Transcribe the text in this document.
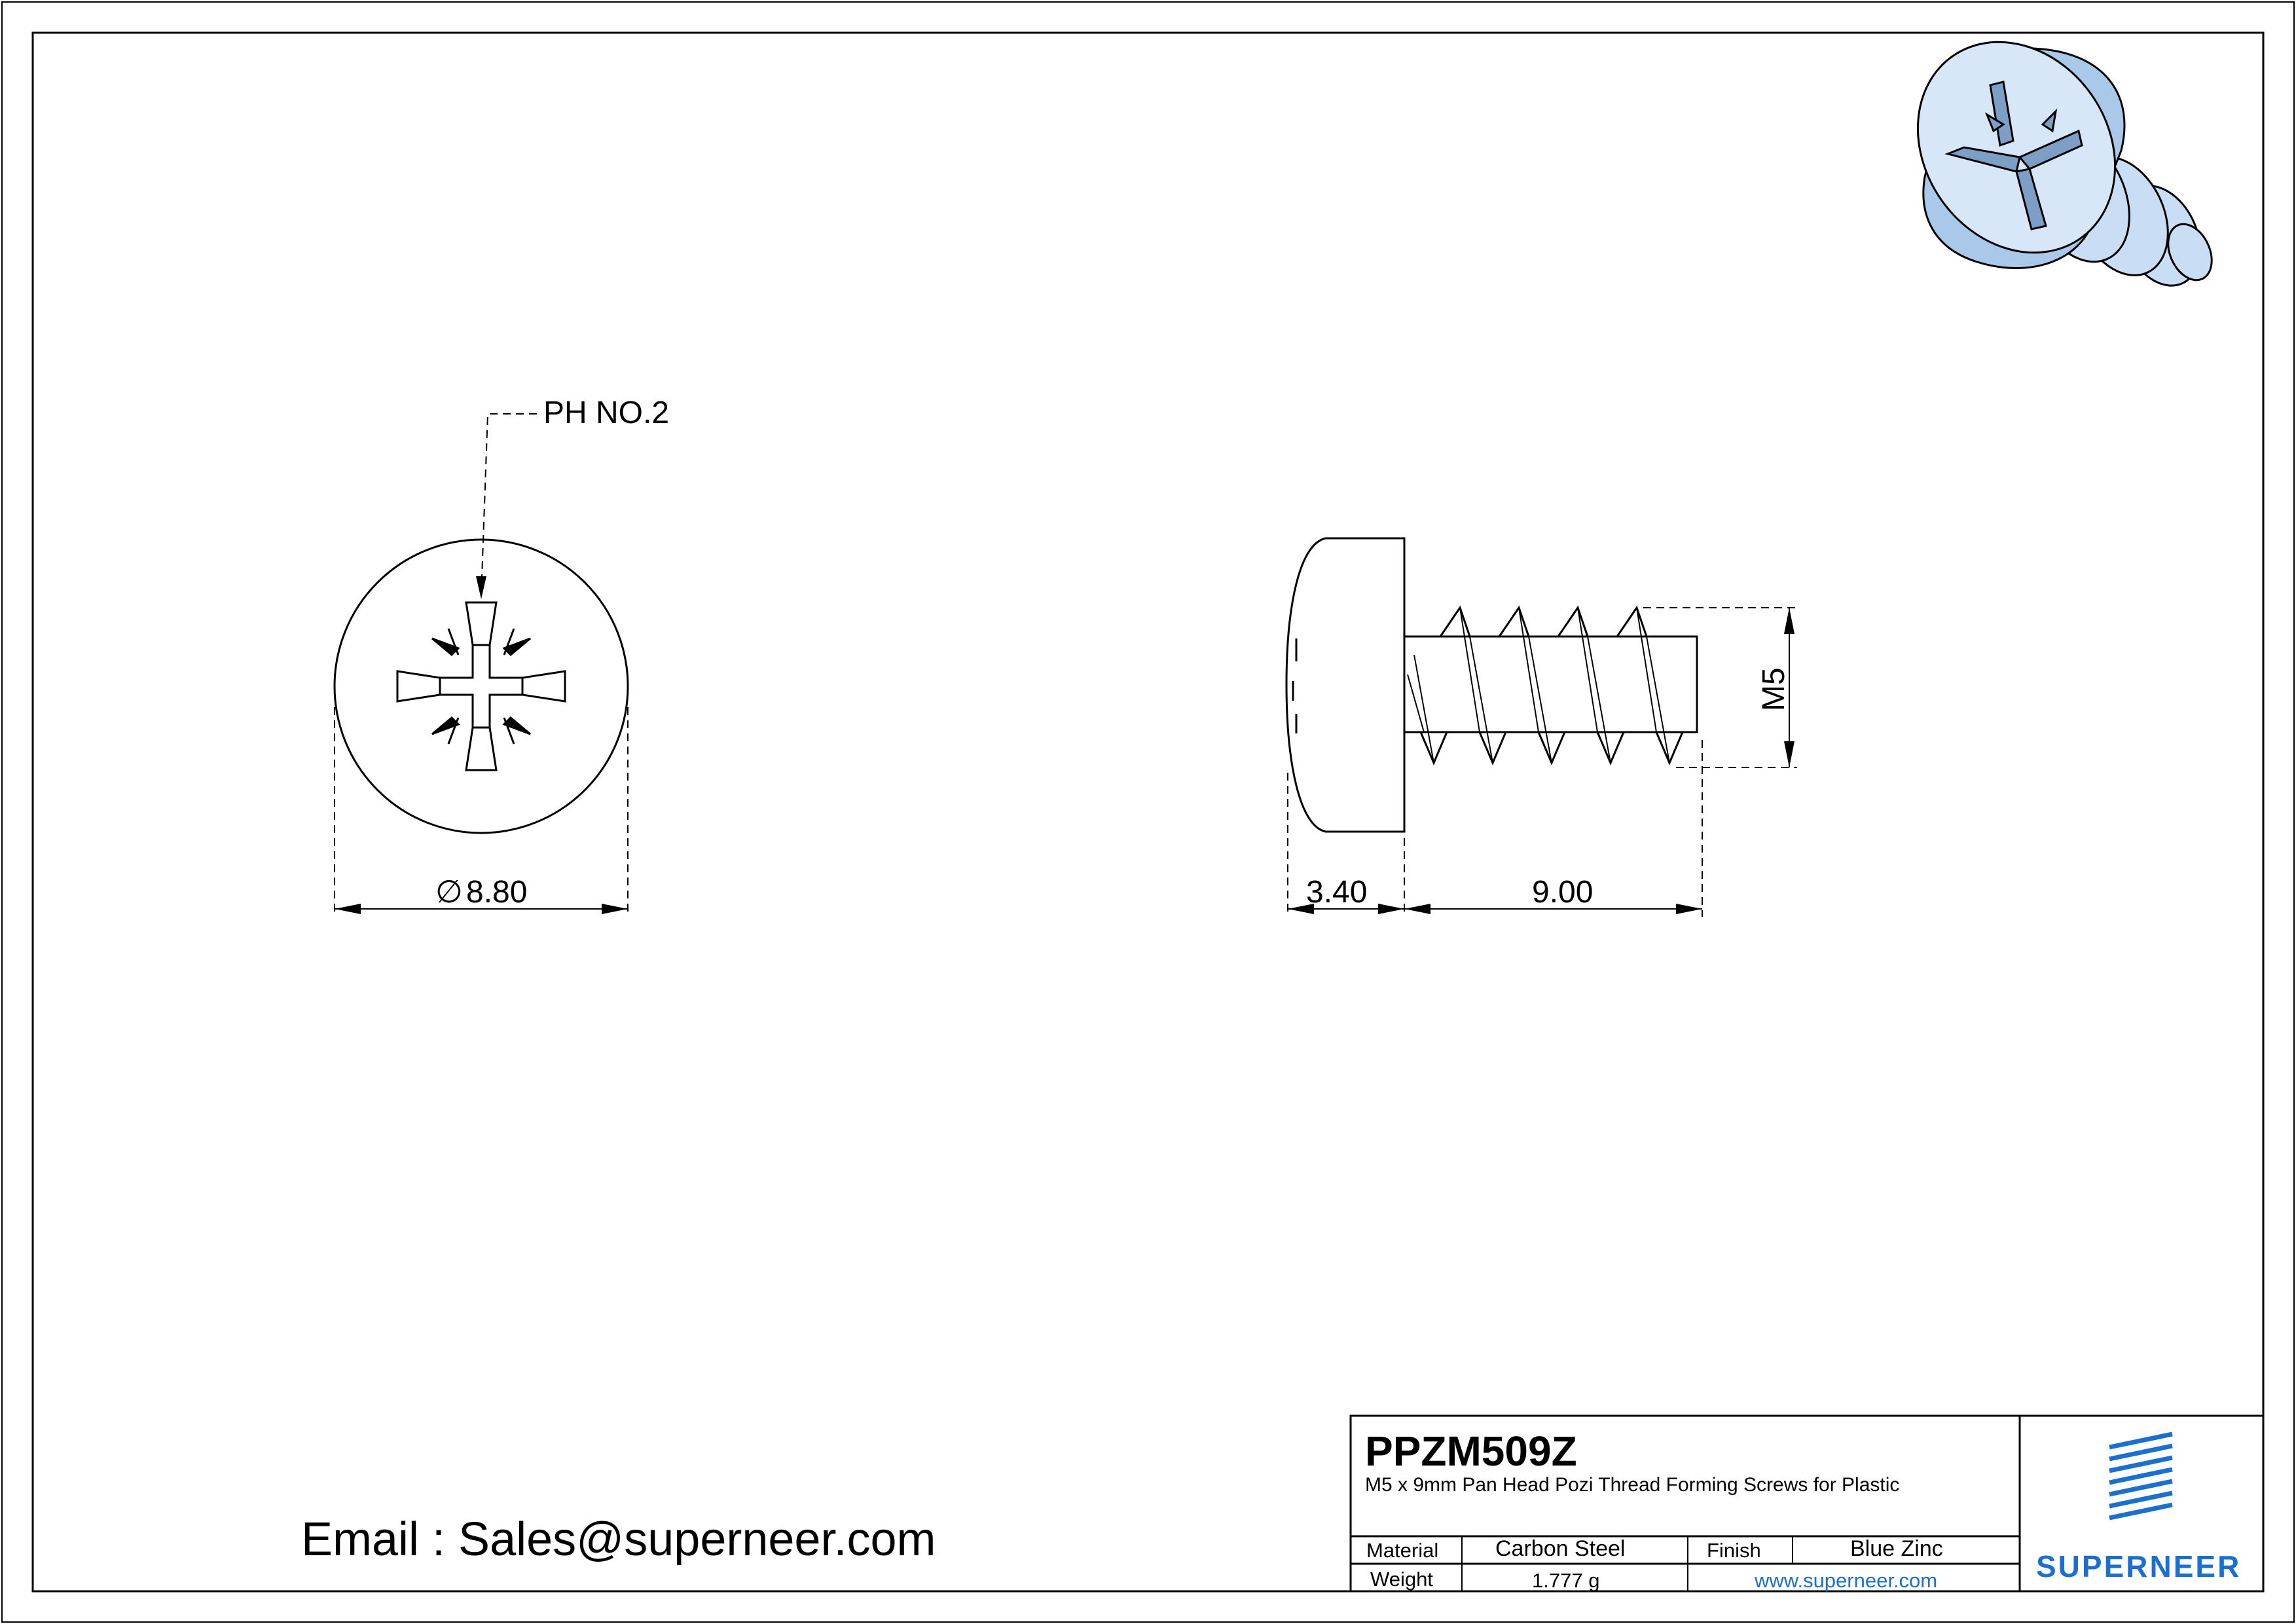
PH NO.2
∅ 8.80	3.40	9.00
M5
Email : Sales@superneer.com
PPZM509Z
M5 x 9mm Pan Head Pozi Thread Forming Screws for Plastic
Material	Carbon Steel	Finish	Blue Zinc
Weight	1.777 g	www.superneer.com	SUPERNEER
